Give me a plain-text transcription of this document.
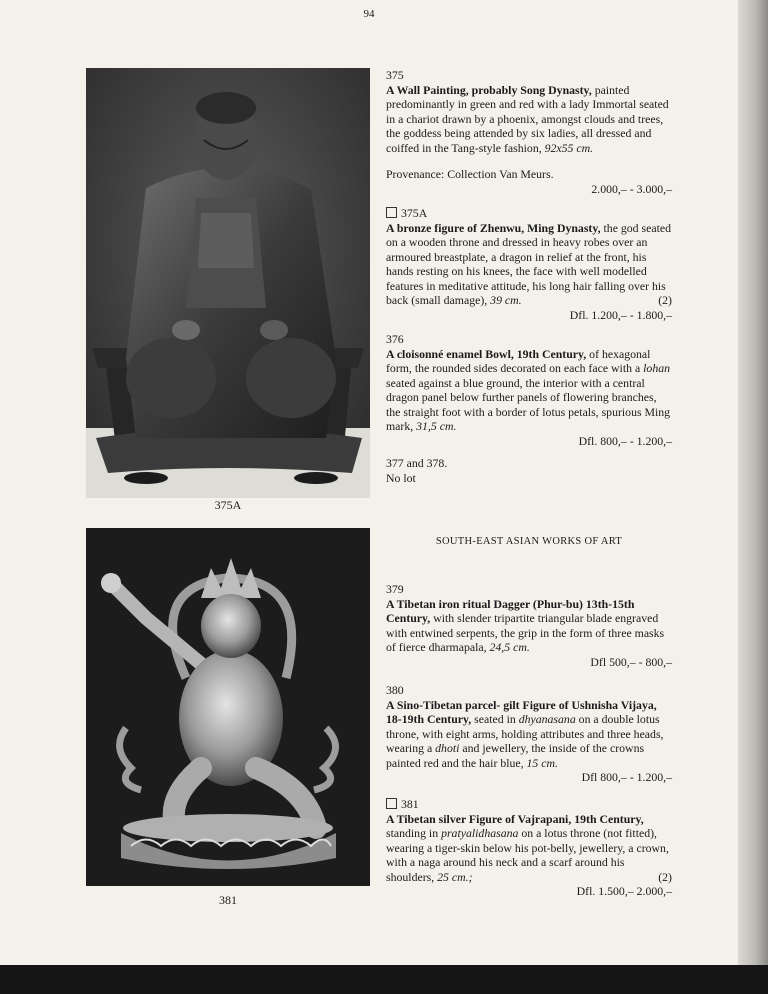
94
375A
381
375

A Wall Painting, probably Song Dynasty, painted predominantly in green and red with a lady Immortal seated in a chariot drawn by a phoenix, amongst clouds and trees, the goddess being attended by six ladies, all dressed and coiffed in the Tang-style fashion, 92x55 cm.

Provenance: Collection Van Meurs.

2.000,– - 3.000,–

375A

A bronze figure of Zhenwu, Ming Dynasty, the god seated on a wooden throne and dressed in heavy robes over an armoured breastplate, a dragon in relief at the front, his hands resting on his knees, the face with well modelled features in meditative attitude, his long hair falling over his back (small damage), 39 cm.	(2)

Dfl. 1.200,– - 1.800,–

376

A cloisonné enamel Bowl, 19th Century, of hexagonal form, the rounded sides decorated on each face with a lohan seated against a blue ground, the interior with a central dragon panel below further panels of flowering branches, the straight foot with a border of lotus petals, spurious Ming mark, 31,5 cm.

Dfl. 800,– - 1.200,–

377 and 378.

No lot

SOUTH-EAST ASIAN WORKS OF ART
379

A Tibetan iron ritual Dagger (Phur-bu) 13th-15th Century, with slender tripartite triangular blade engraved with entwined serpents, the grip in the form of three masks of fierce dharmapala, 24,5 cm.

Dfl 500,– - 800,–

380

A Sino-Tibetan parcel- gilt Figure of Ushnisha Vijaya, 18-19th Century, seated in dhyanasana on a double lotus throne, with eight arms, holding attributes and three heads, wearing a dhoti and jewellery, the inside of the crowns painted red and the hair blue, 15 cm.

Dfl 800,– - 1.200,–

381

A Tibetan silver Figure of Vajrapani, 19th Century, standing in pratyalidhasana on a lotus throne (not fitted), wearing a tiger-skin below his pot-belly, jewellery, a crown, with a naga around his neck and a scarf around his shoulders, 25 cm.;	(2)

Dfl. 1.500,– 2.000,–
